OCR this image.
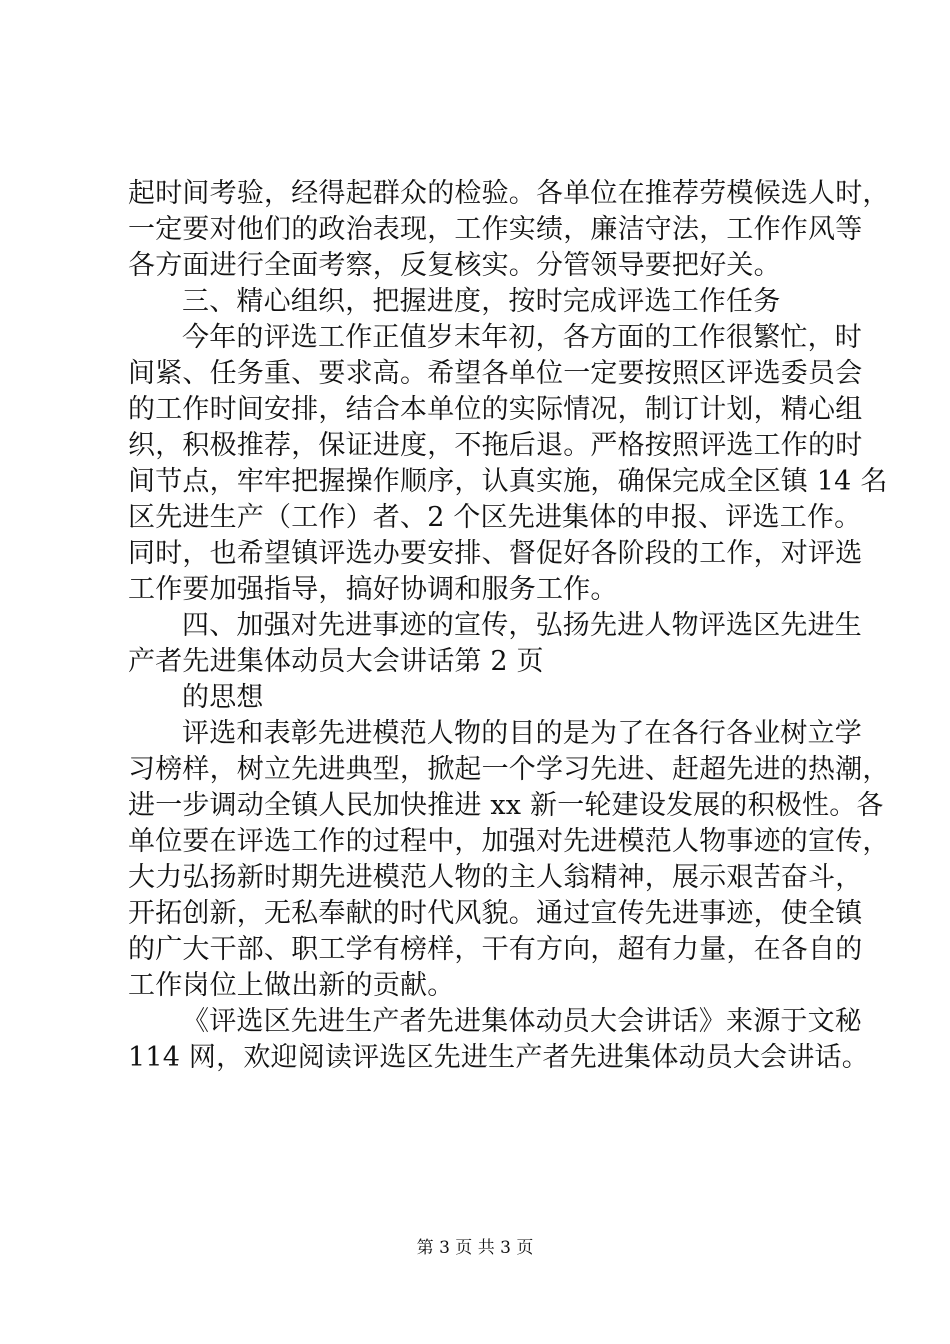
起时间考验，经得起群众的检验。各单位在推荐劳模候选人时，
一定要对他们的政治表现，工作实绩，廉洁守法，工作作风等
各方面进行全面考察，反复核实。分管领导要把好关。
三、精心组织，把握进度，按时完成评选工作任务
今年的评选工作正值岁末年初，各方面的工作很繁忙，时
间紧、任务重、要求高。希望各单位一定要按照区评选委员会
的工作时间安排，结合本单位的实际情况，制订计划，精心组
织，积极推荐，保证进度，不拖后退。严格按照评选工作的时
间节点，牢牢把握操作顺序，认真实施，确保完成全区镇 14 名
区先进生产（工作）者、2 个区先进集体的申报、评选工作。
同时，也希望镇评选办要安排、督促好各阶段的工作，对评选
工作要加强指导，搞好协调和服务工作。
四、加强对先进事迹的宣传，弘扬先进人物评选区先进生
产者先进集体动员大会讲话第 2 页
的思想
评选和表彰先进模范人物的目的是为了在各行各业树立学
习榜样，树立先进典型，掀起一个学习先进、赶超先进的热潮，
进一步调动全镇人民加快推进 xx 新一轮建设发展的积极性。各
单位要在评选工作的过程中，加强对先进模范人物事迹的宣传，
大力弘扬新时期先进模范人物的主人翁精神，展示艰苦奋斗，
开拓创新，无私奉献的时代风貌。通过宣传先进事迹，使全镇
的广大干部、职工学有榜样，干有方向，超有力量，在各自的
工作岗位上做出新的贡献。
《评选区先进生产者先进集体动员大会讲话》来源于文秘
114 网，欢迎阅读评选区先进生产者先进集体动员大会讲话。
第 3 页 共 3 页
